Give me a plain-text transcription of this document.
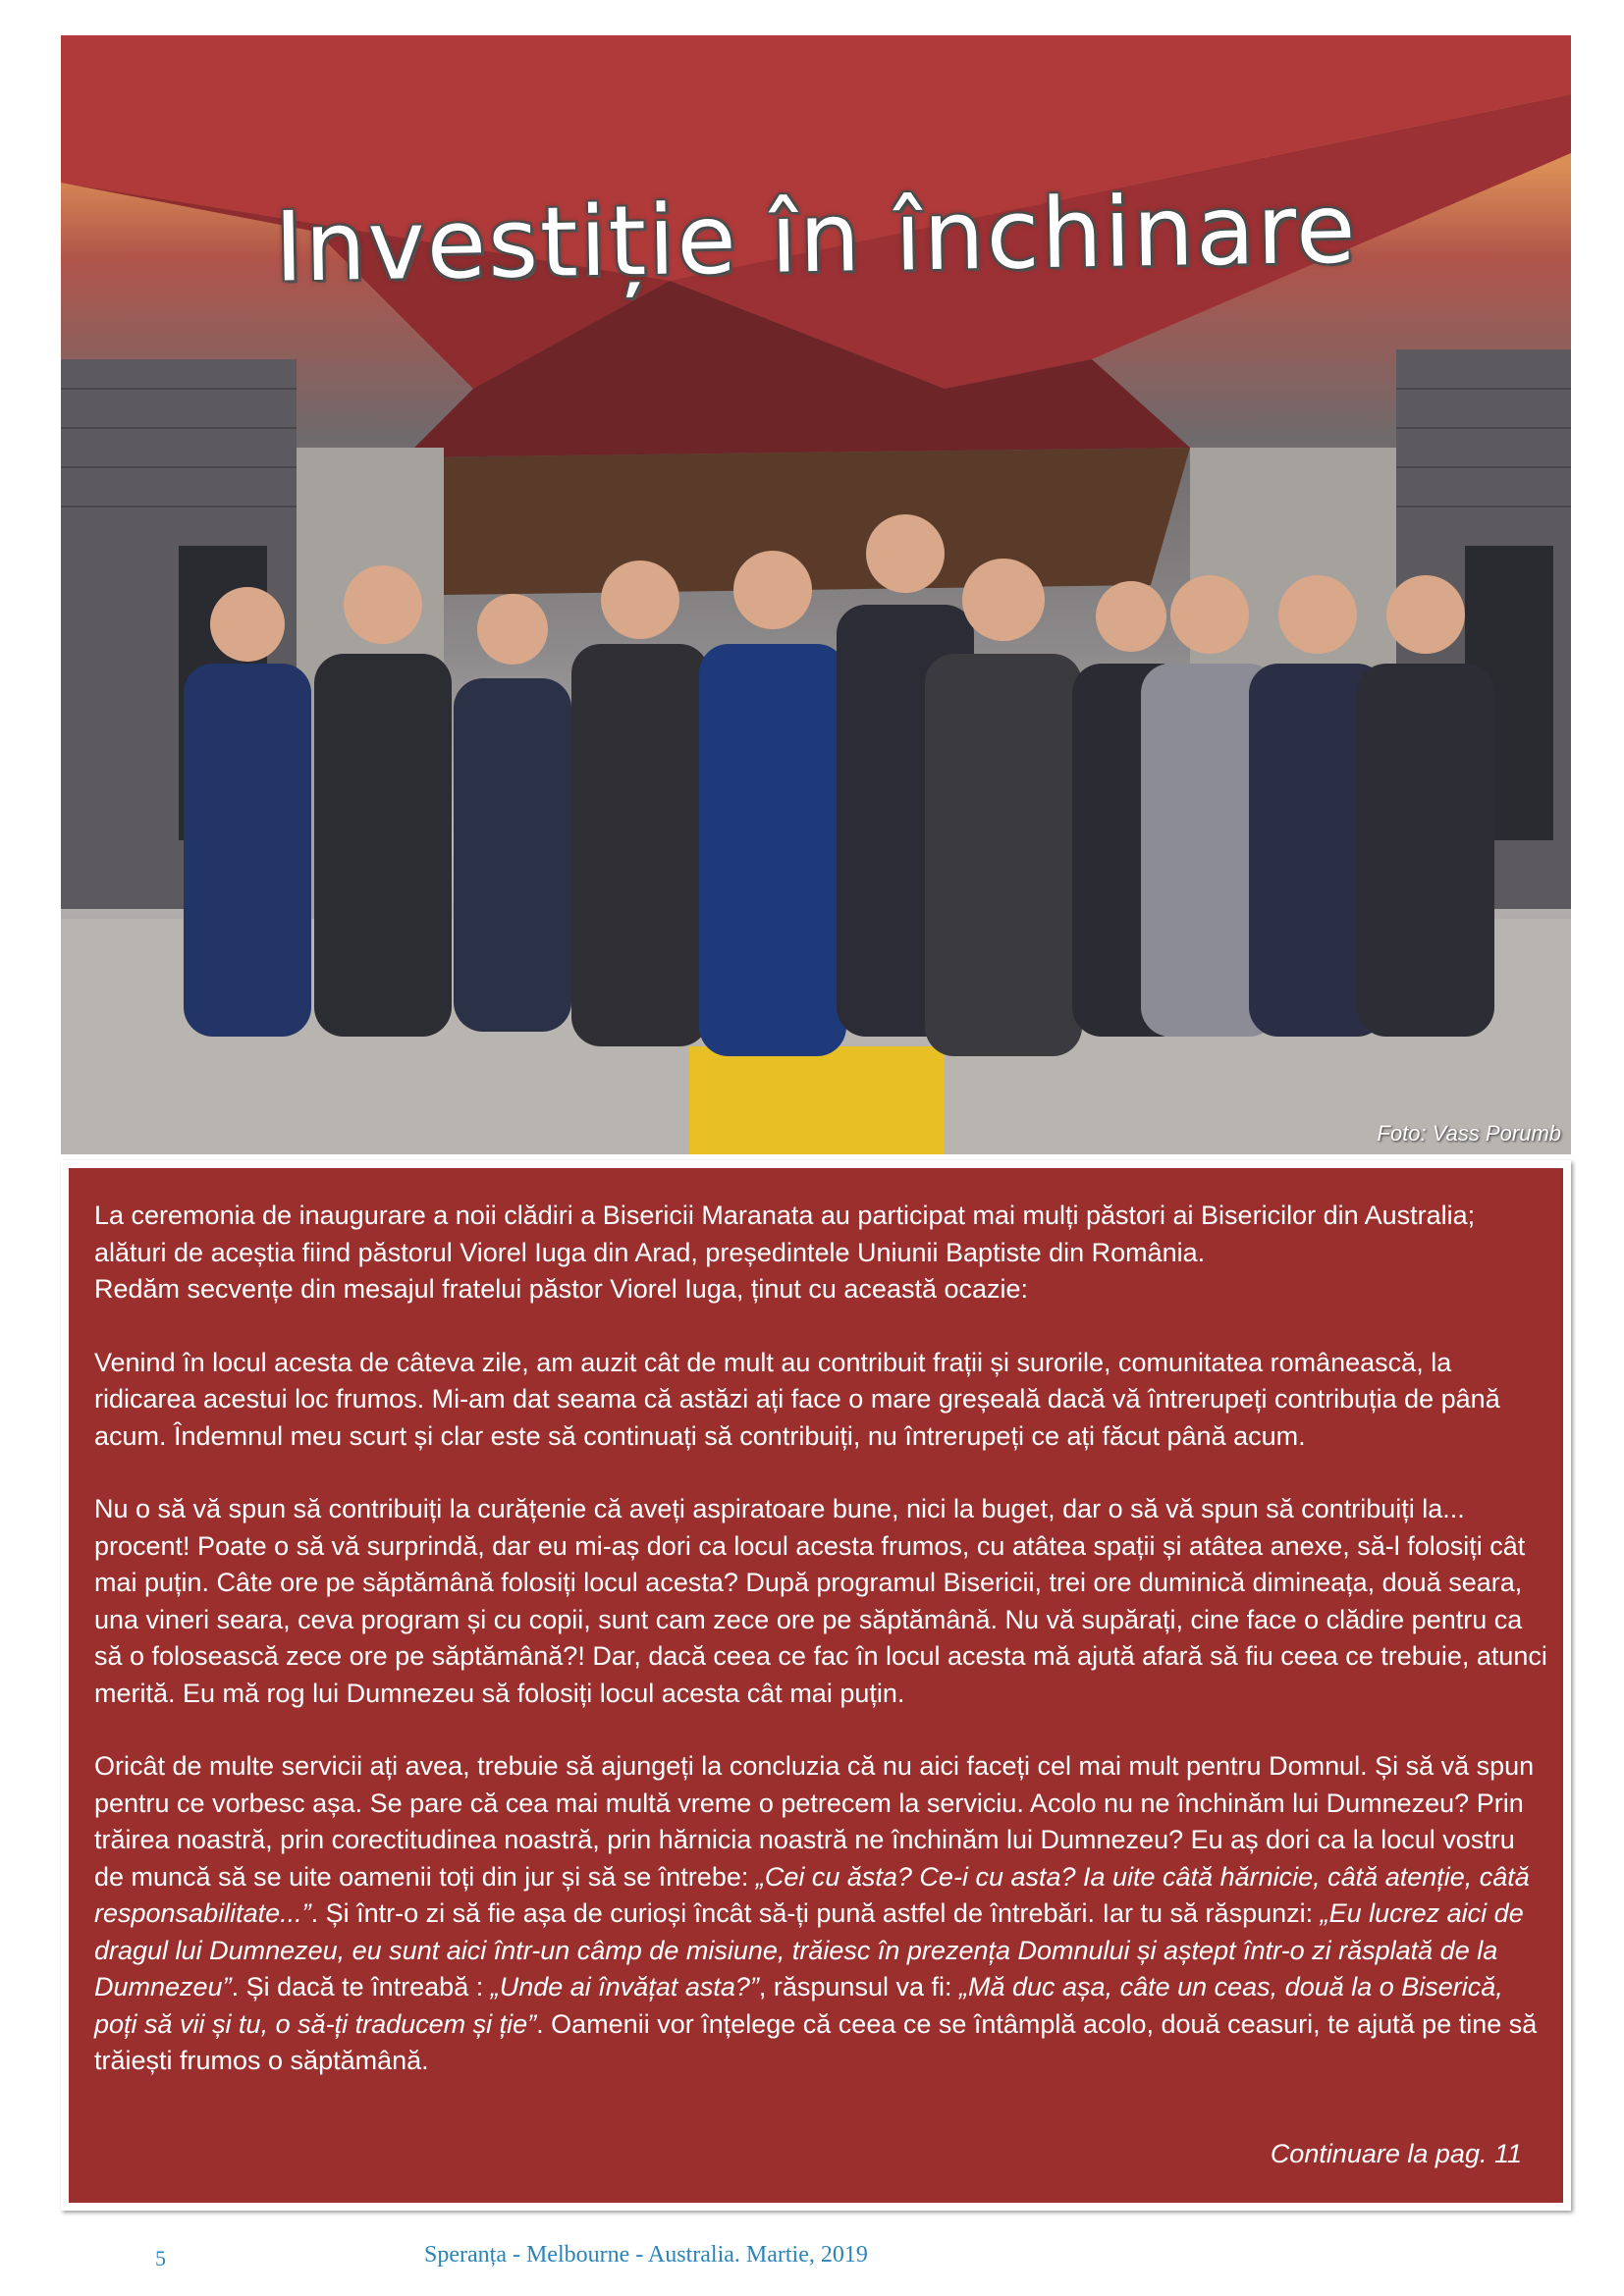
Investiție în închinare
Foto: Vass Porumb

La ceremonia de inaugurare a noii clădiri a Bisericii Maranata au participat mai mulți păstori ai Bisericilor din Australia; alături de aceștia fiind păstorul Viorel Iuga din Arad, președintele Uniunii Baptiste din România.

Redăm secvențe din mesajul fratelui păstor Viorel Iuga, ținut cu această ocazie:

Venind în locul acesta de câteva zile, am auzit cât de mult au contribuit frații și surorile, comunitatea românească, la ridicarea acestui loc frumos. Mi-am dat seama că astăzi ați face o mare greșeală dacă vă întrerupeți contribuția de până acum. Îndemnul meu scurt și clar este să continuați să contribuiți, nu întrerupeți ce ați făcut până acum.

Nu o să vă spun să contribuiți la curățenie că aveți aspiratoare bune, nici la buget, dar o să vă spun să contribuiți la... procent! Poate o să vă surprindă, dar eu mi-aș dori ca locul acesta frumos, cu atâtea spații și atâtea anexe, să-l folosiți cât mai puțin. Câte ore pe săptămână folosiți locul acesta? După programul Bisericii, trei ore duminică dimineața, două seara, una vineri seara, ceva program și cu copii, sunt cam zece ore pe săptămână. Nu vă supărați, cine face o clădire pentru ca să o folosească zece ore pe săptămână?! Dar, dacă ceea ce fac în locul acesta mă ajută afară să fiu ceea ce trebuie, atunci merită. Eu mă rog lui Dumnezeu să folosiți locul acesta cât mai puțin.

Oricât de multe servicii ați avea, trebuie să ajungeți la concluzia că nu aici faceți cel mai mult pentru Domnul. Și să vă spun pentru ce vorbesc așa. Se pare că cea mai multă vreme o petrecem la serviciu. Acolo nu ne închinăm lui Dumnezeu? Prin trăirea noastră, prin corectitudinea noastră, prin hărnicia noastră ne închinăm lui Dumnezeu? Eu aș dori ca la locul vostru de muncă să se uite oamenii toți din jur și să se întrebe: „Cei cu ăsta? Ce-i cu asta? Ia uite câtă hărnicie, câtă atenție, câtă responsabilitate...”. Și într-o zi să fie așa de curioși încât să-ți pună astfel de întrebări. Iar tu să răspunzi: „Eu lucrez aici de dragul lui Dumnezeu, eu sunt aici într-un câmp de misiune, trăiesc în prezența Domnului și aștept într-o zi răsplată de la Dumnezeu”. Și dacă te întreabă : „Unde ai învățat asta?”, răspunsul va fi: „Mă duc așa, câte un ceas, două la o Biserică, poți să vii și tu, o să-ți traducem și ție”. Oamenii vor înțelege că ceea ce se întâmplă acolo, două ceasuri, te ajută pe tine să trăiești frumos o săptămână.

Continuare la pag. 11
5	Speranța - Melbourne - Australia. Martie, 2019
